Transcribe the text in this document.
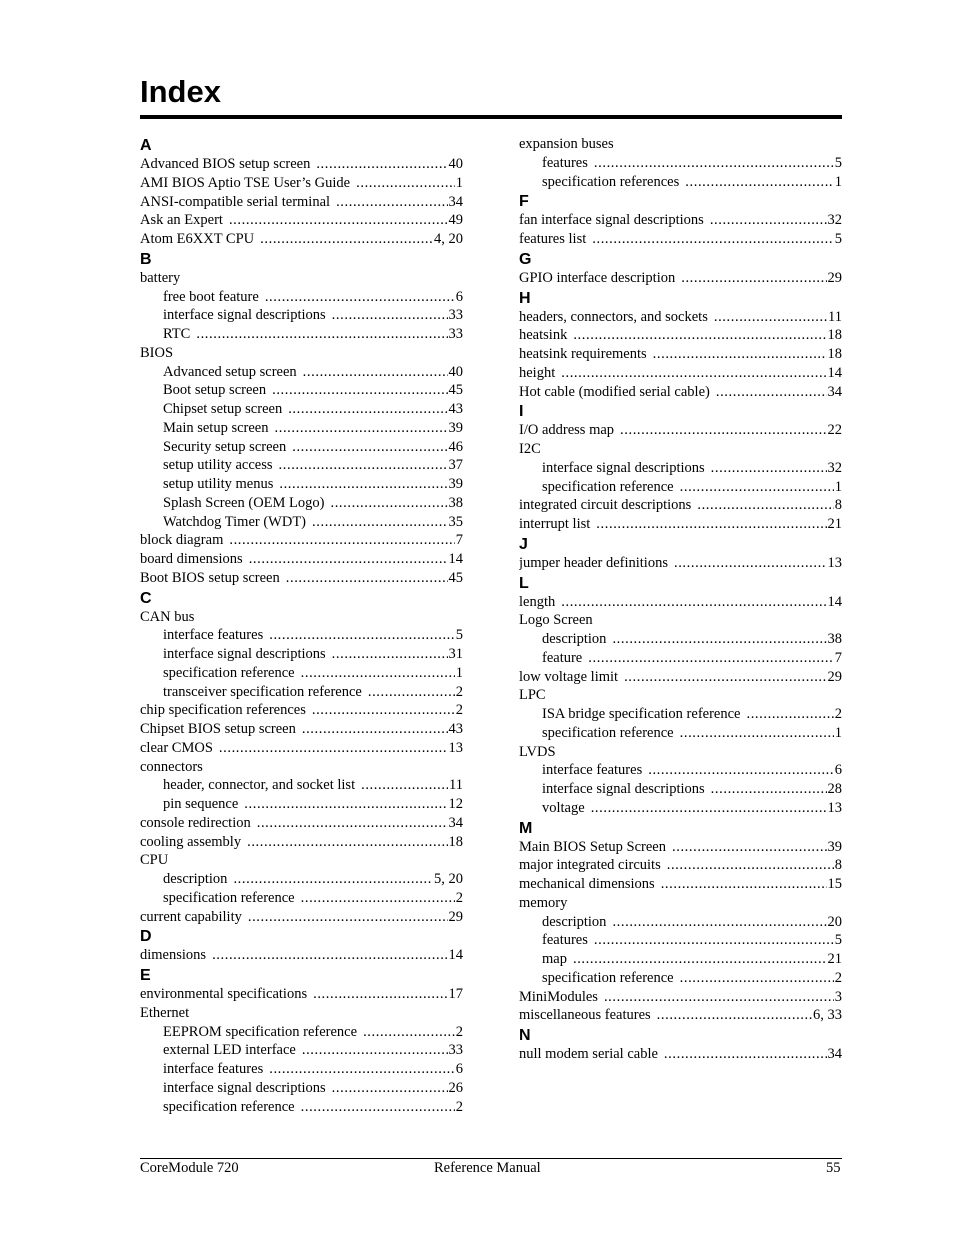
Index
A
Advanced BIOS setup screen .....	40
AMI BIOS Aptio TSE User’s Guide .....	1
ANSI-compatible serial terminal .....	34
Ask an Expert .....	49
Atom E6XXT CPU .....	4, 20
B
battery
free boot feature .....	6
interface signal descriptions .....	33
RTC .....	33
BIOS
Advanced setup screen .....	40
Boot setup screen .....	45
Chipset setup screen .....	43
Main setup screen .....	39
Security setup screen .....	46
setup utility access .....	37
setup utility menus .....	39
Splash Screen (OEM Logo) .....	38
Watchdog Timer (WDT) .....	35
block diagram .....	7
board dimensions .....	14
Boot BIOS setup screen .....	45
C
CAN bus
interface features .....	5
interface signal descriptions .....	31
specification reference .....	1
transceiver specification reference .....	2
chip specification references .....	2
Chipset BIOS setup screen .....	43
clear CMOS .....	13
connectors
header, connector, and socket list .....	11
pin sequence .....	12
console redirection .....	34
cooling assembly .....	18
CPU
description .....	5, 20
specification reference .....	2
current capability .....	29
D
dimensions .....	14
E
environmental specifications .....	17
Ethernet
EEPROM specification reference .....	2
external LED interface .....	33
interface features .....	6
interface signal descriptions .....	26
specification reference .....	2
expansion buses
features .....	5
specification references .....	1
F
fan interface signal descriptions .....	32
features list .....	5
G
GPIO interface description .....	29
H
headers, connectors, and sockets .....	11
heatsink .....	18
heatsink requirements .....	18
height .....	14
Hot cable (modified serial cable) .....	34
I
I/O address map .....	22
I2C
interface signal descriptions .....	32
specification reference .....	1
integrated circuit descriptions .....	8
interrupt list .....	21
J
jumper header definitions .....	13
L
length .....	14
Logo Screen
description .....	38
feature .....	7
low voltage limit .....	29
LPC
ISA bridge specification reference .....	2
specification reference .....	1
LVDS
interface features .....	6
interface signal descriptions .....	28
voltage .....	13
M
Main BIOS Setup Screen .....	39
major integrated circuits .....	8
mechanical dimensions .....	15
memory
description .....	20
features .....	5
map .....	21
specification reference .....	2
MiniModules .....	3
miscellaneous features .....	6, 33
N
null modem serial cable .....	34
CoreModule 720	Reference Manual	55
